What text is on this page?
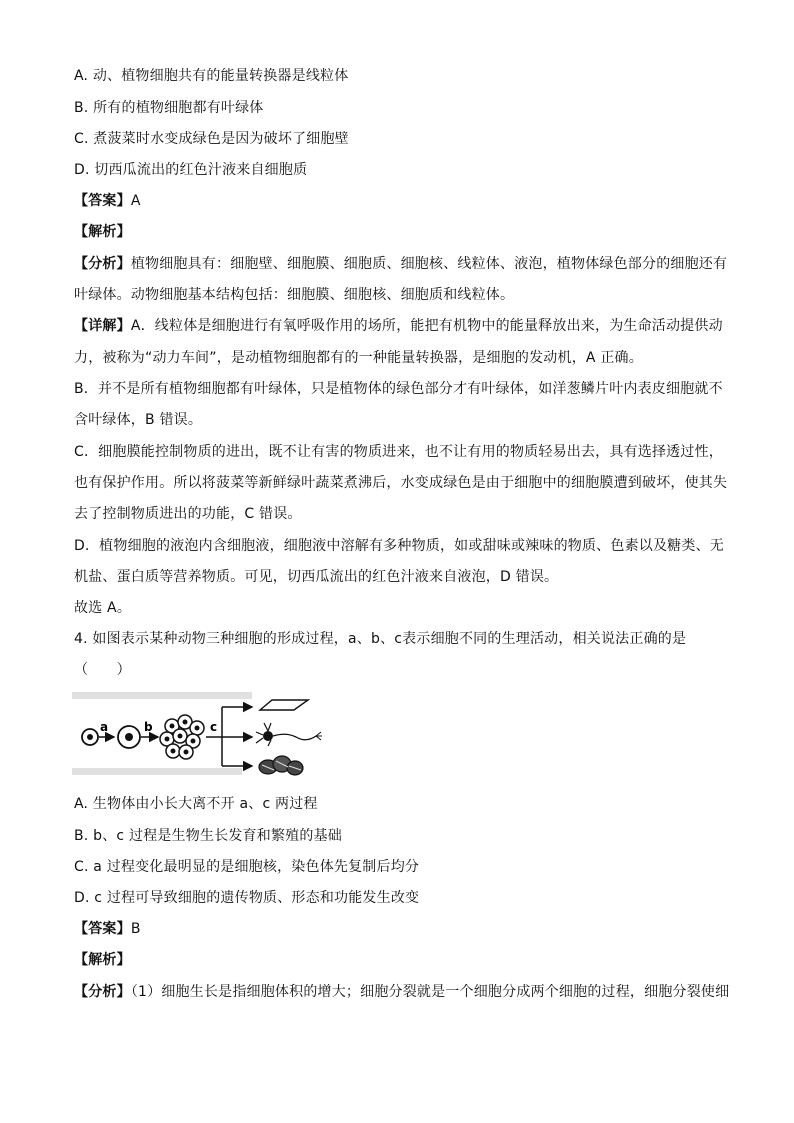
A. 动、植物细胞共有的能量转换器是线粒体
B. 所有的植物细胞都有叶绿体
C. 煮菠菜时水变成绿色是因为破坏了细胞壁
D. 切西瓜流出的红色汁液来自细胞质
【答案】A
【解析】
【分析】植物细胞具有：细胞壁、细胞膜、细胞质、细胞核、线粒体、液泡，植物体绿色部分的细胞还有
叶绿体。动物细胞基本结构包括：细胞膜、细胞核、细胞质和线粒体。
【详解】A．线粒体是细胞进行有氧呼吸作用的场所，能把有机物中的能量释放出来，为生命活动提供动
力，被称为“动力车间”，是动植物细胞都有的一种能量转换器，是细胞的发动机，A 正确。
B．并不是所有植物细胞都有叶绿体，只是植物体的绿色部分才有叶绿体，如洋葱鳞片叶内表皮细胞就不
含叶绿体，B 错误。
C．细胞膜能控制物质的进出，既不让有害的物质进来，也不让有用的物质轻易出去，具有选择透过性，
也有保护作用。所以将菠菜等新鲜绿叶蔬菜煮沸后，水变成绿色是由于细胞中的细胞膜遭到破坏，使其失
去了控制物质进出的功能，C 错误。
D．植物细胞的液泡内含细胞液，细胞液中溶解有多种物质，如或甜味或辣味的物质、色素以及糖类、无
机盐、蛋白质等营养物质。可见，切西瓜流出的红色汁液来自液泡，D 错误。
故选 A。
4. 如图表示某种动物三种细胞的形成过程，a、b、c表示细胞不同的生理活动，相关说法正确的是
（　　）
a	b	c
A. 生物体由小长大离不开 a、c 两过程
B. b、c 过程是生物生长发育和繁殖的基础
C. a 过程变化最明显的是细胞核，染色体先复制后均分
D. c 过程可导致细胞的遗传物质、形态和功能发生改变
【答案】B
【解析】
【分析】（1）细胞生长是指细胞体积的增大；细胞分裂就是一个细胞分成两个细胞的过程，细胞分裂使细
